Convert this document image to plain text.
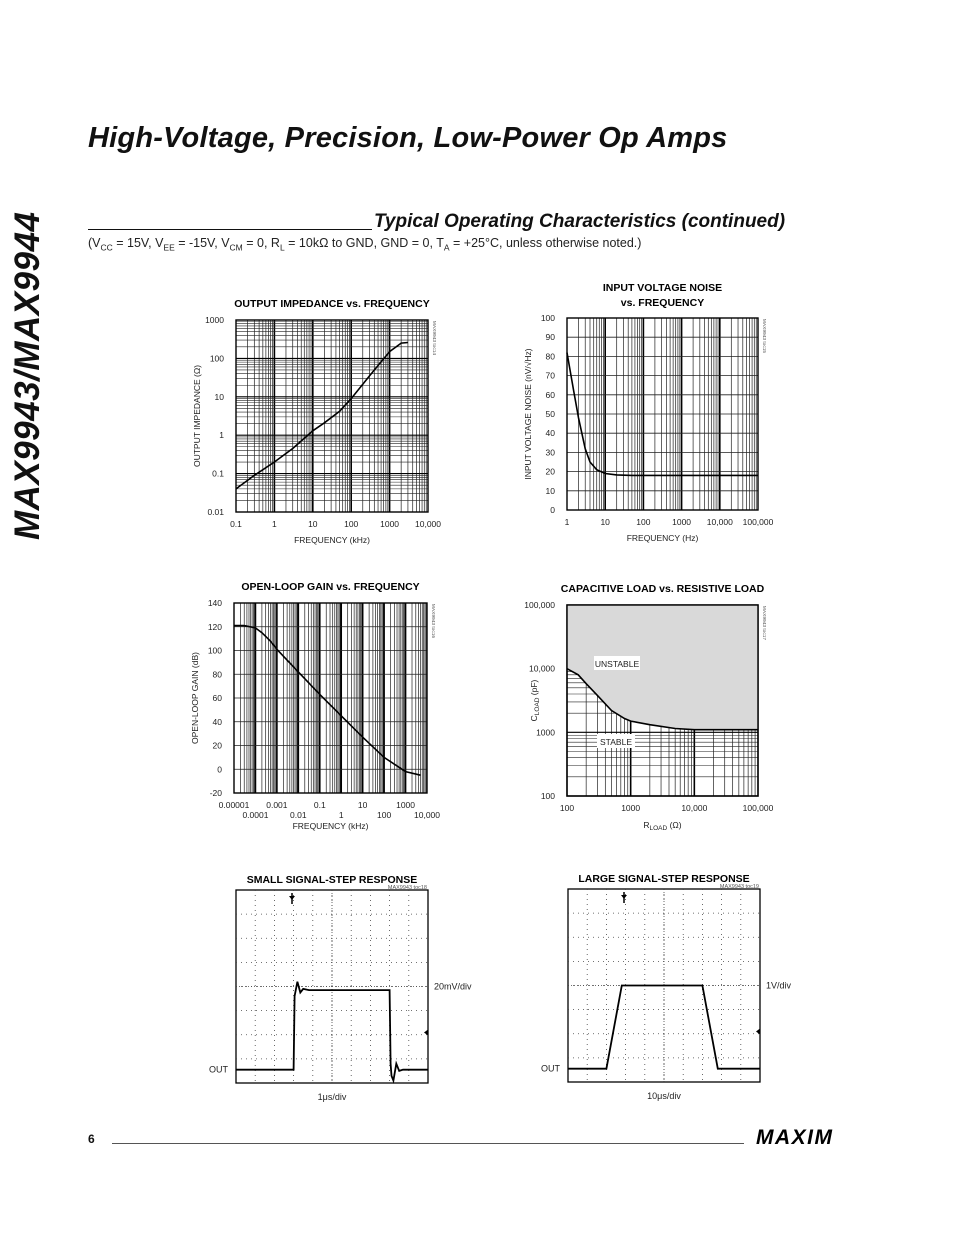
MAX9943/MAX9944
High-Voltage, Precision, Low-Power Op Amps
Typical Operating Characteristics (continued)
($V_{CC} = 15V$, $V_{EE} = -15V$, $V_{CM} = 0$, $R_L = 10k\Omega$ to GND, GND = 0, $T_A = +25^\circ C$, unless otherwise noted.)
0.01
0.1
1
10
100
1000
0.1	1	10	100	1000 10,000
OUTPUT IMPEDANCE vs. FREQUENCY
FREQUENCY (kHz)
OUTPUT IMPEDANCE (Ω)
MAX9943 toc14
0
10
20
30
40
50
60
70
80
90
100
1	10	100	1000 10,000 100,000
INPUT VOLTAGE NOISE
vs. FREQUENCY
FREQUENCY (Hz)
INPUT VOLTAGE NOISE (nV/√Hz)
MAX9943 toc15
-20
0
20
40
60
80
100
120
140
0.00001 0.001	0.1	10	1000
0.0001	0.01	1	100	10,000
OPEN-LOOP GAIN vs. FREQUENCY
FREQUENCY (kHz)
OPEN-LOOP GAIN (dB)
MAX9943 toc16
100
1000
10,000
100,000
100	1000	10,000	100,000
CAPACITIVE LOAD vs. RESISTIVE LOAD
$R_{LOAD}$ (Ω)
$C_{LOAD}$ (pF)
MAX9943 toc17
UNSTABLE
STABLE
SMALL SIGNAL-STEP RESPONSE
MAX9943 toc18
OUT
20mV/div
1μs/div
LARGE SIGNAL-STEP RESPONSE
MAX9943 toc19
OUT
1V/div
10μs/div
6	MAXIM
